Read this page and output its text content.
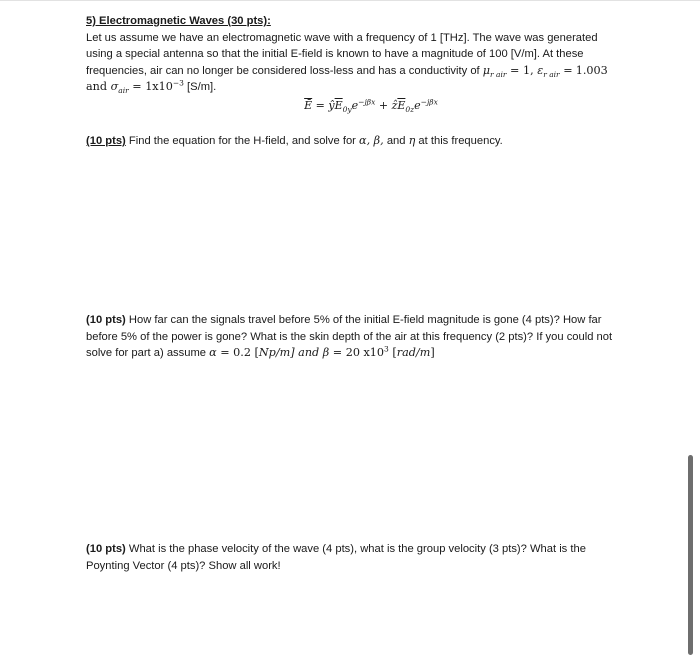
5) Electromagnetic Waves (30 pts):

Let us assume we have an electromagnetic wave with a frequency of 1 [THz]. The wave was generated using a special antenna so that the initial E-field is known to have a magnitude of 100 [V/m]. At these frequencies, air can no longer be considered loss-less and has a conductivity of $\mu_{r air} = 1$, $\varepsilon_{r air} = 1.003$ and $\sigma_{air} = 1x10^{-3}$ [S/m].

$\overline{Ē}$ = $ŷ\overline{E}_{0y}e^{-j\beta x}$ + $ẑ\overline{E}_{0z}e^{-j\beta x}$

(10 pts) Find the equation for the H-field, and solve for α, β, and η at this frequency.
(10 pts) How far can the signals travel before 5% of the initial E-field magnitude is gone (4 pts)? How far before 5% of the power is gone? What is the skin depth of the air at this frequency (2 pts)? If you could not solve for part a) assume α = 0.2 [Np/m] and β = 20 $x10^3$ [rad/m]
(10 pts) What is the phase velocity of the wave (4 pts), what is the group velocity (3 pts)? What is the Poynting Vector (4 pts)? Show all work!
